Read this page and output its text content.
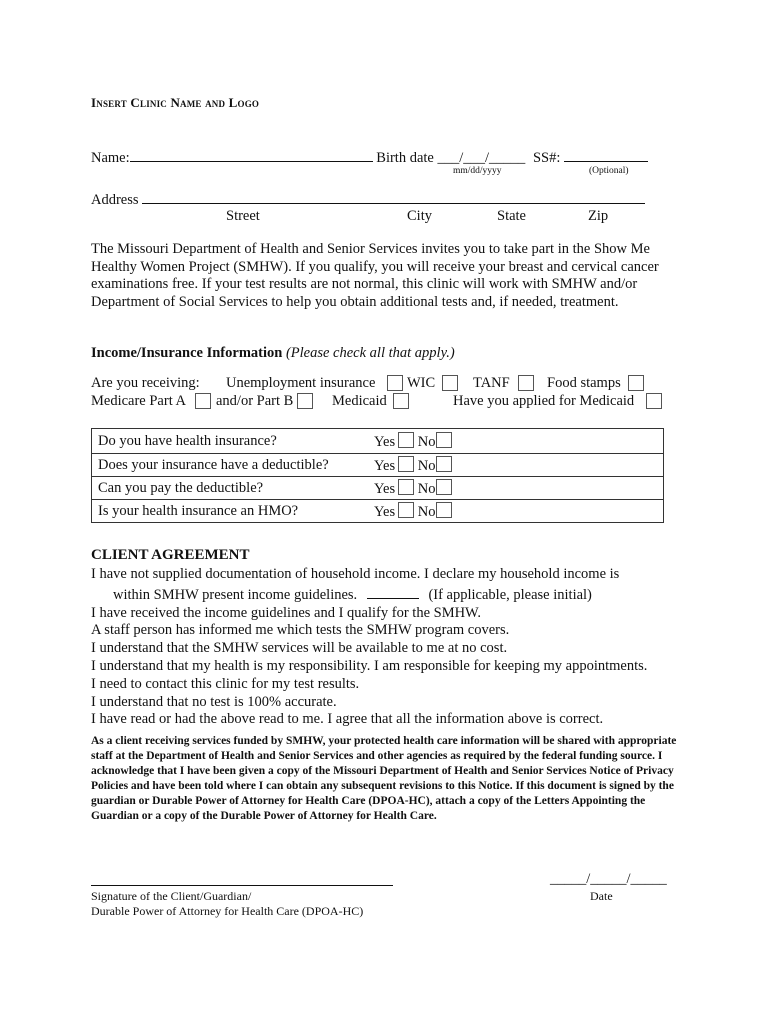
Insert Clinic Name and Logo
Name:	Birth date ___/___/_____ SS#:
mm/dd/yyyy	(Optional)
Address
Street	City	State	Zip
The Missouri Department of Health and Senior Services invites you to take part in the Show Me Healthy Women Project (SMHW). If you qualify, you will receive your breast and cervical cancer examinations free. If your test results are not normal, this clinic will work with SMHW and/or Department of Social Services to help you obtain additional tests and, if needed, treatment.
Income/Insurance Information (Please check all that apply.)
Are you receiving: Unemployment insurance WIC	TANF	Food stamps
Medicare Part A and/or Part B	Medicaid	Have you applied for Medicaid
Do you have health insurance?	Yes No
Does your insurance have a deductible?	Yes No
Can you pay the deductible?	Yes No
Is your health insurance an HMO?	Yes No
CLIENT AGREEMENT
I have not supplied documentation of household income. I declare my household income is
within SMHW present income guidelines.	(If applicable, please initial)
I have received the income guidelines and I qualify for the SMHW.
A staff person has informed me which tests the SMHW program covers.
I understand that the SMHW services will be available to me at no cost.
I understand that my health is my responsibility. I am responsible for keeping my appointments.
I need to contact this clinic for my test results.
I understand that no test is 100% accurate.
I have read or had the above read to me. I agree that all the information above is correct.
As a client receiving services funded by SMHW, your protected health care information will be shared with appropriate staff at the Department of Health and Senior Services and other agencies as required by the federal funding source. I acknowledge that I have been given a copy of the Missouri Department of Health and Senior Services Notice of Privacy Policies and have been told where I can obtain any subsequent revisions to this Notice. If this document is signed by the guardian or Durable Power of Attorney for Health Care (DPOA-HC), attach a copy of the Letters Appointing the Guardian or a copy of the Durable Power of Attorney for Health Care.
Signature of the Client/Guardian/
Durable Power of Attorney for Health Care (DPOA-HC)
_____/_____/_____
Date
